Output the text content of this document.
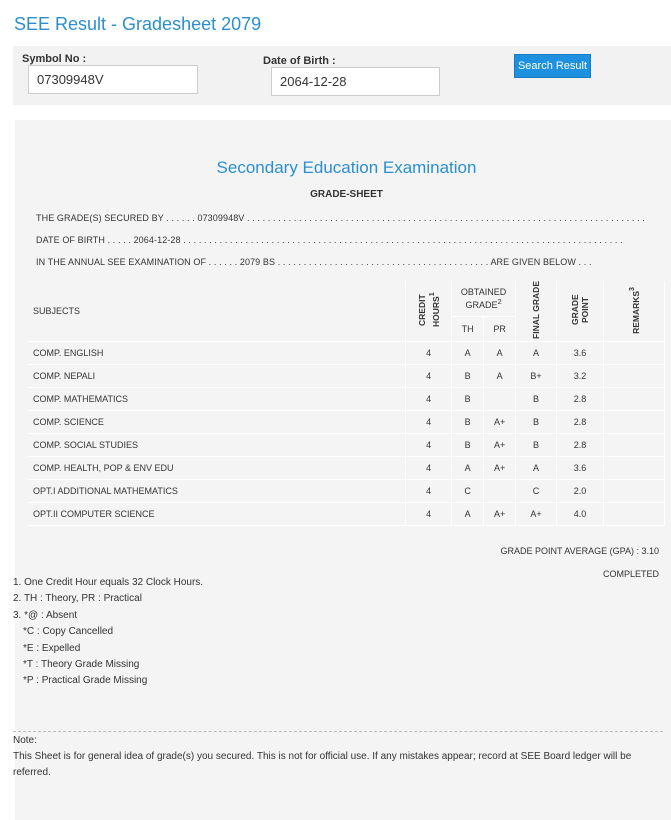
SEE Result - Gradesheet 2079
Symbol No :
07309948V	Date of Birth :
2064-12-28	Search Result
Secondary Education Examination
GRADE-SHEET
THE GRADE(S) SECURED BY . . . . . . 07309948V . . . . . . . . . . . . . . . . . . . . . . . . . . . . . . . . . . . . . . . . . . . . . . . . . . . . . . . . . . . . . . . . . . . . . . . . . . . . .
DATE OF BIRTH . . . . . 2064-12-28 . . . . . . . . . . . . . . . . . . . . . . . . . . . . . . . . . . . . . . . . . . . . . . . . . . . . . . . . . . . . . . . . . . . . . . . . . . . . . . . . . . . . .
IN THE ANNUAL SEE EXAMINATION OF . . . . . . 2079 BS . . . . . . . . . . . . . . . . . . . . . . . . . . . . . . . . . . . . . . . . . ARE GIVEN BELOW . . .
SUBJECTS	CREDIT HOURS$^1$	OBTAINED GRADE$^2$		FINAL GRADE	GRADE POINT	REMARKS$^3$
		TH	PR			
COMP. ENGLISH	4	A	A	A	3.6	
COMP. NEPALI	4	B	A	B+	3.2	
COMP. MATHEMATICS	4	B		B	2.8	
COMP. SCIENCE	4	B	A+	B	2.8	
COMP. SOCIAL STUDIES	4	B	A+	B	2.8	
COMP. HEALTH, POP & ENV EDU	4	A	A+	A	3.6	
OPT.I ADDITIONAL MATHEMATICS	4	C		C	2.0	
OPT.II COMPUTER SCIENCE	4	A	A+	A+	4.0	
GRADE POINT AVERAGE (GPA) : 3.10
COMPLETED
1. One Credit Hour equals 32 Clock Hours.
2. TH : Theory, PR : Practical
3. *@ : Absent
*C : Copy Cancelled
*E : Expelled
*T : Theory Grade Missing
*P : Practical Grade Missing
Note:
This Sheet is for general idea of grade(s) you secured. This is not for official use. If any mistakes appear; record at SEE Board ledger will be referred.
